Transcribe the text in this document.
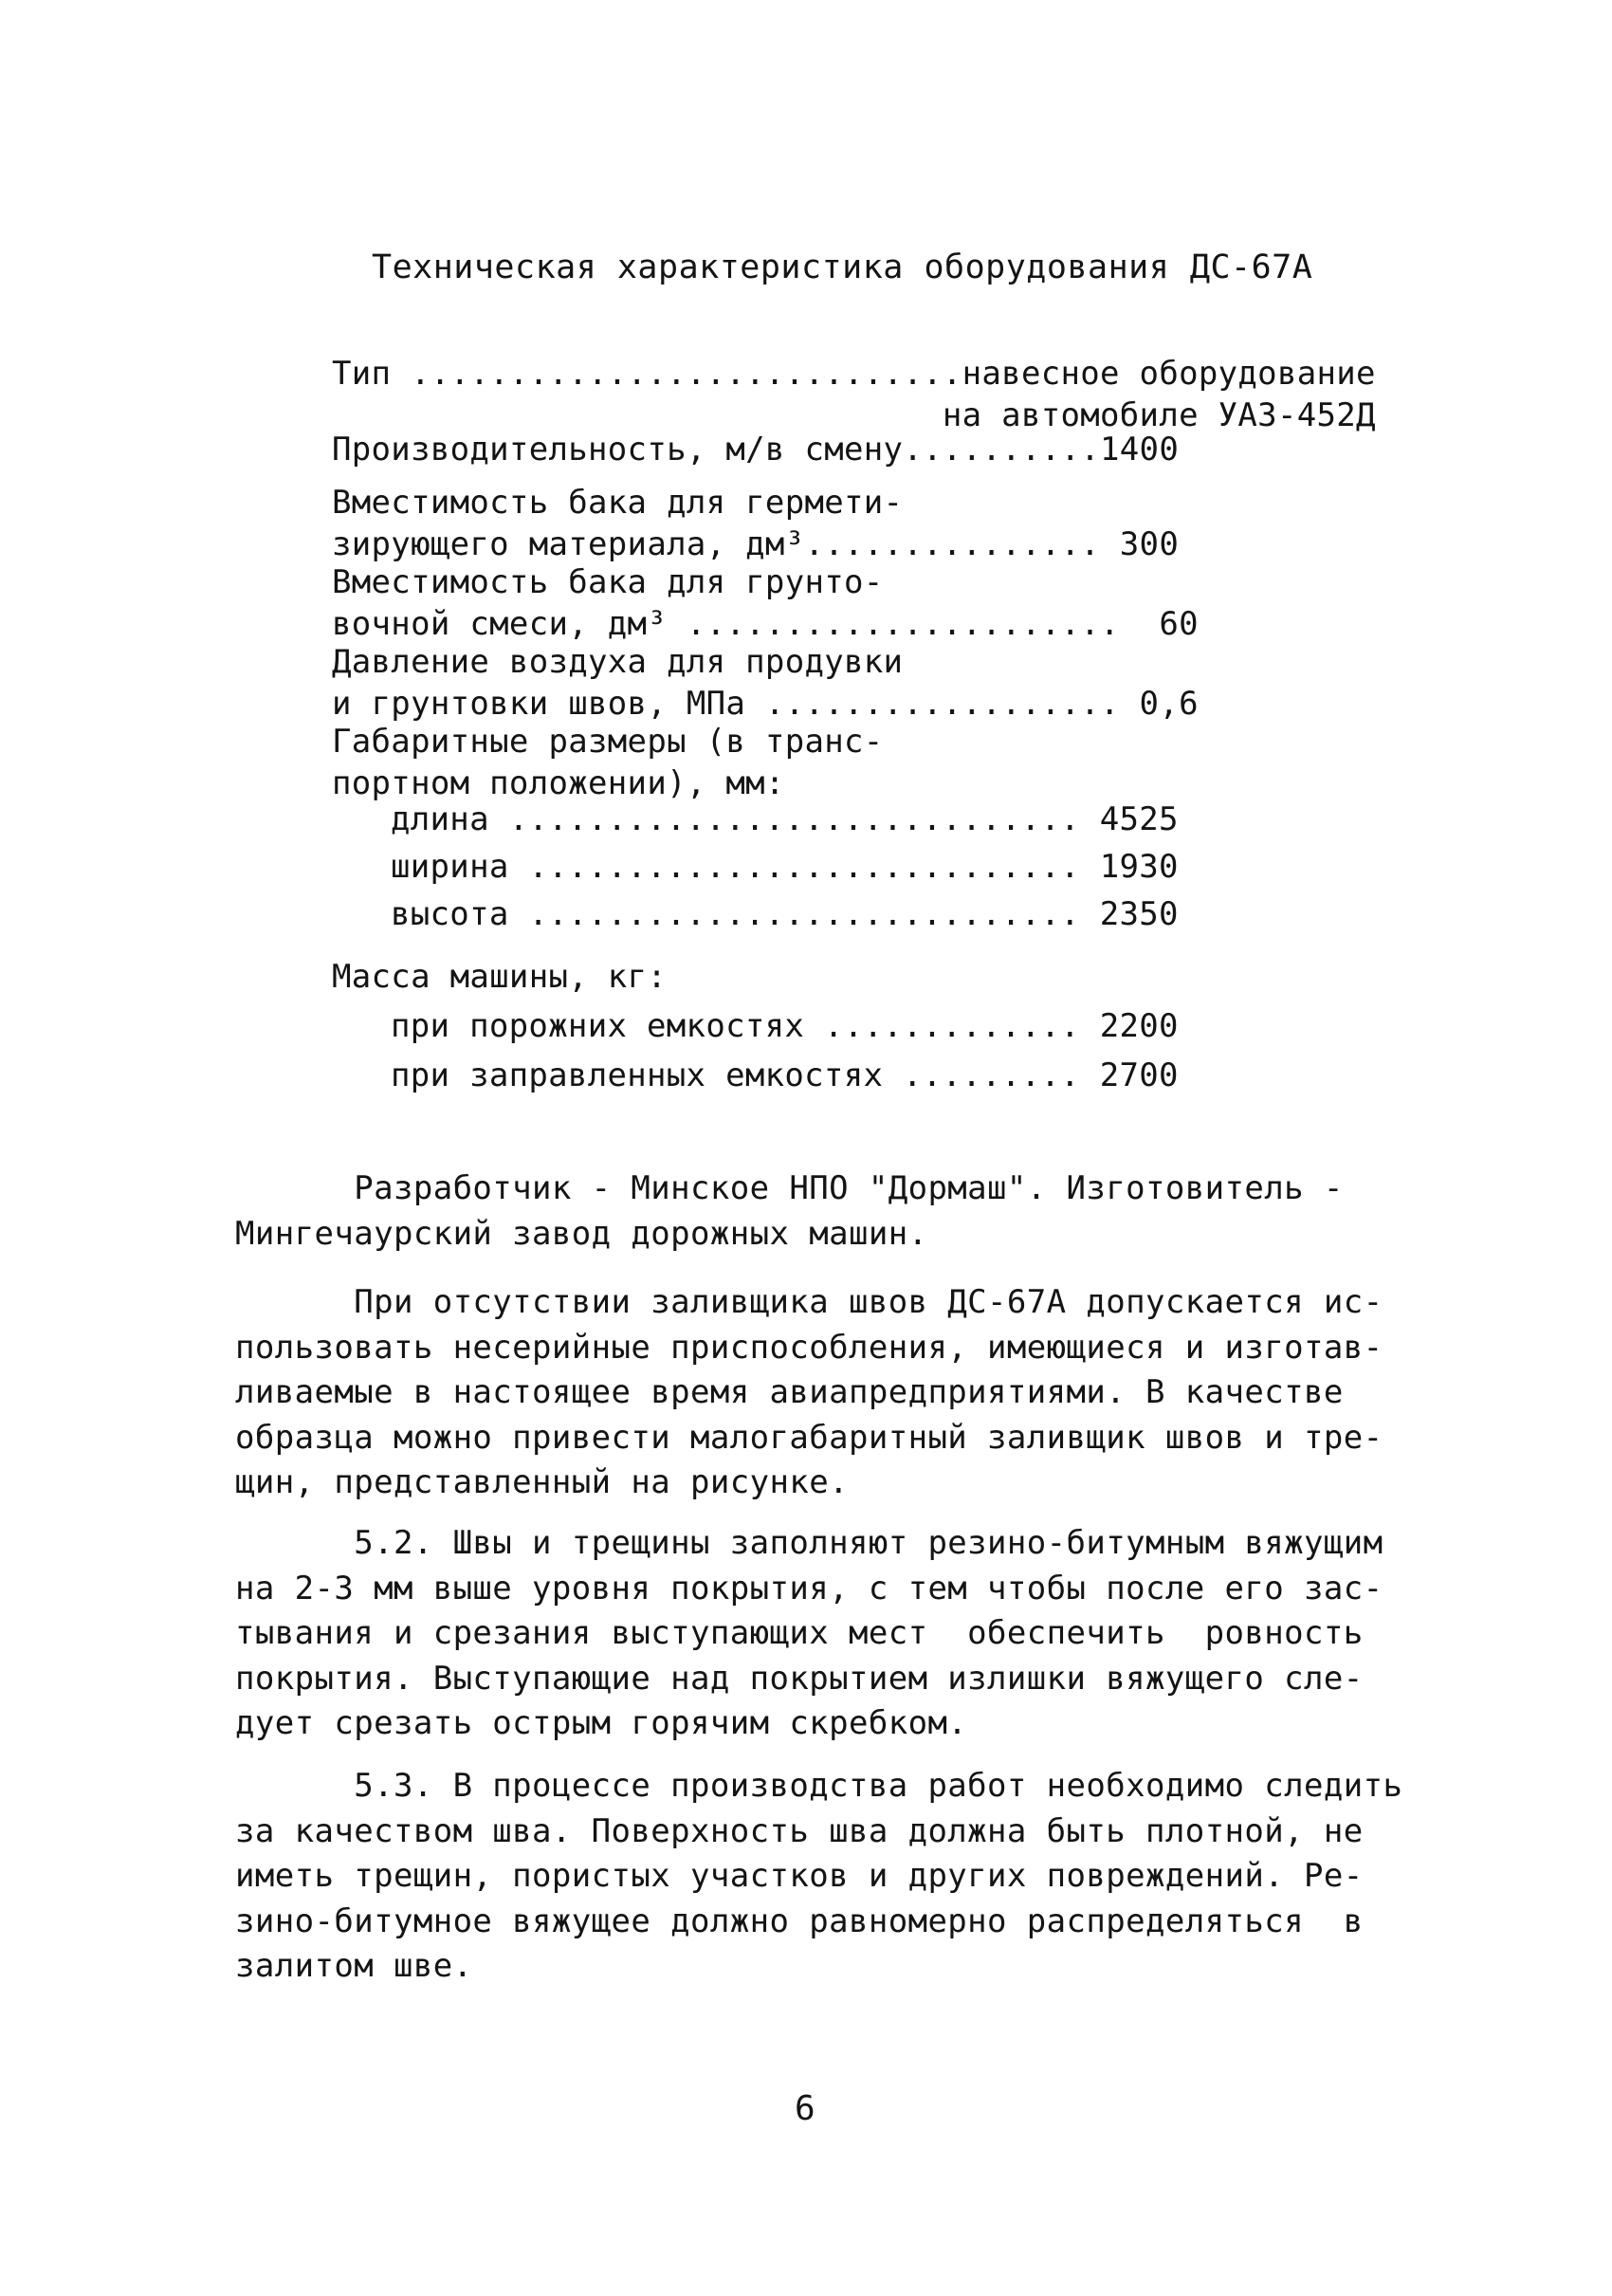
Техническая характеристика оборудования ДС-67А
Тип ............................навесное оборудование
на автомобиле УАЗ-452Д
Производительность, м/в смену..........1400
Вместимость бака для гермети-
зирующего материала, дм³............... 300
Вместимость бака для грунто-
вочной смеси, дм³ ......................  60
Давление воздуха для продувки
и грунтовки швов, МПа .................. 0,6
Габаритные размеры (в транс-
портном положении), мм:
длина ............................. 4525
ширина ............................ 1930
высота ............................ 2350
Масса машины, кг:
при порожних емкостях ............. 2200
при заправленных емкостях ......... 2700
Разработчик - Минское НПО "Дормаш". Изготовитель -
Мингечаурский завод дорожных машин.
При отсутствии заливщика швов ДС-67А допускается ис-
пользовать несерийные приспособления, имеющиеся и изготав-
ливаемые в настоящее время авиапредприятиями. В качестве
образца можно привести малогабаритный заливщик швов и тре-
щин, представленный на рисунке.
5.2. Швы и трещины заполняют резино-битумным вяжущим
на 2-3 мм выше уровня покрытия, с тем чтобы после его зас-
тывания и срезания выступающих мест  обеспечить  ровность
покрытия. Выступающие над покрытием излишки вяжущего сле-
дует срезать острым горячим скребком.
5.3. В процессе производства работ необходимо следить
за качеством шва. Поверхность шва должна быть плотной, не
иметь трещин, пористых участков и других повреждений. Ре-
зино-битумное вяжущее должно равномерно распределяться  в
залитом шве.
6
